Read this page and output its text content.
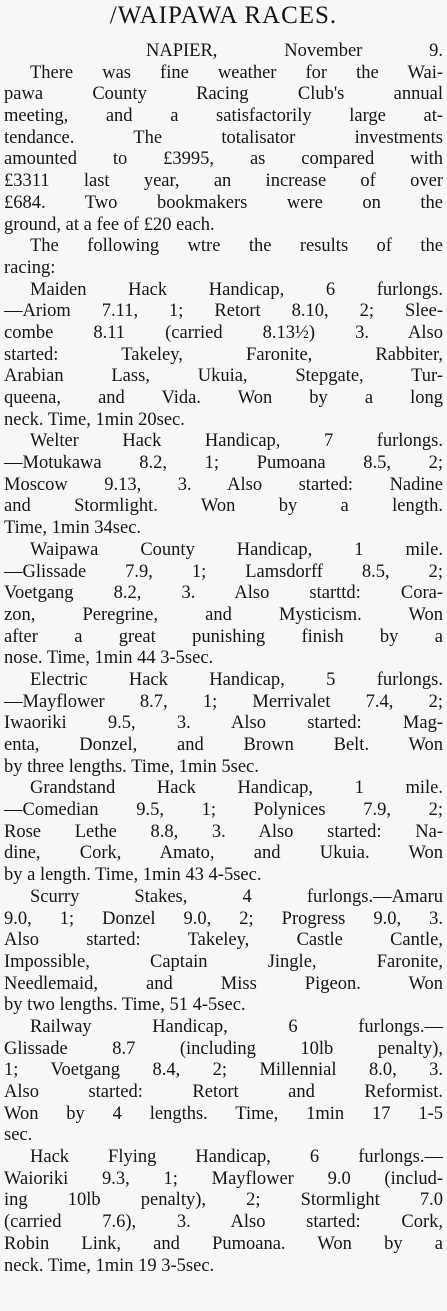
/WAIPAWA RACES.
NAPIER, November 9.
There was fine weather for the Wai-
pawa County Racing Club's annual
meeting, and a satisfactorily large at-
tendance. The totalisator investments
amounted to £3995, as compared with
£3311 last year, an increase of over
£684. Two bookmakers were on the
ground, at a fee of £20 each.
The following wtre the results of the
racing:
Maiden Hack Handicap, 6 furlongs.
—Ariom 7.11, 1; Retort 8.10, 2; Slee-
combe 8.11 (carried 8.13½) 3. Also
started: Takeley, Faronite, Rabbiter,
Arabian Lass, Ukuia, Stepgate, Tur-
queena, and Vida. Won by a long
neck. Time, 1min 20sec.
Welter Hack Handicap, 7 furlongs.
—Motukawa 8.2, 1; Pumoana 8.5, 2;
Moscow 9.13, 3. Also started: Nadine
and Stormlight. Won by a length.
Time, 1min 34sec.
Waipawa County Handicap, 1 mile.
—Glissade 7.9, 1; Lamsdorff 8.5, 2;
Voetgang 8.2, 3. Also starttd: Cora-
zon, Peregrine, and Mysticism. Won
after a great punishing finish by a
nose. Time, 1min 44 3-5sec.
Electric Hack Handicap, 5 furlongs.
—Mayflower 8.7, 1; Merrivalet 7.4, 2;
Iwaoriki 9.5, 3. Also started: Mag-
enta, Donzel, and Brown Belt. Won
by three lengths. Time, 1min 5sec.
Grandstand Hack Handicap, 1 mile.
—Comedian 9.5, 1; Polynices 7.9, 2;
Rose Lethe 8.8, 3. Also started: Na-
dine, Cork, Amato, and Ukuia. Won
by a length. Time, 1min 43 4-5sec.
Scurry Stakes, 4 furlongs.—Amaru
9.0, 1; Donzel 9.0, 2; Progress 9.0, 3.
Also started: Takeley, Castle Cantle,
Impossible, Captain Jingle, Faronite,
Needlemaid, and Miss Pigeon. Won
by two lengths. Time, 51 4-5sec.
Railway Handicap, 6 furlongs.—
Glissade 8.7 (including 10lb penalty),
1; Voetgang 8.4, 2; Millennial 8.0, 3.
Also started: Retort and Reformist.
Won by 4 lengths. Time, 1min 17 1-5
sec.
Hack Flying Handicap, 6 furlongs.—
Waioriki 9.3, 1; Mayflower 9.0 (includ-
ing 10lb penalty), 2; Stormlight 7.0
(carried 7.6), 3. Also started: Cork,
Robin Link, and Pumoana. Won by a
neck. Time, 1min 19 3-5sec.
